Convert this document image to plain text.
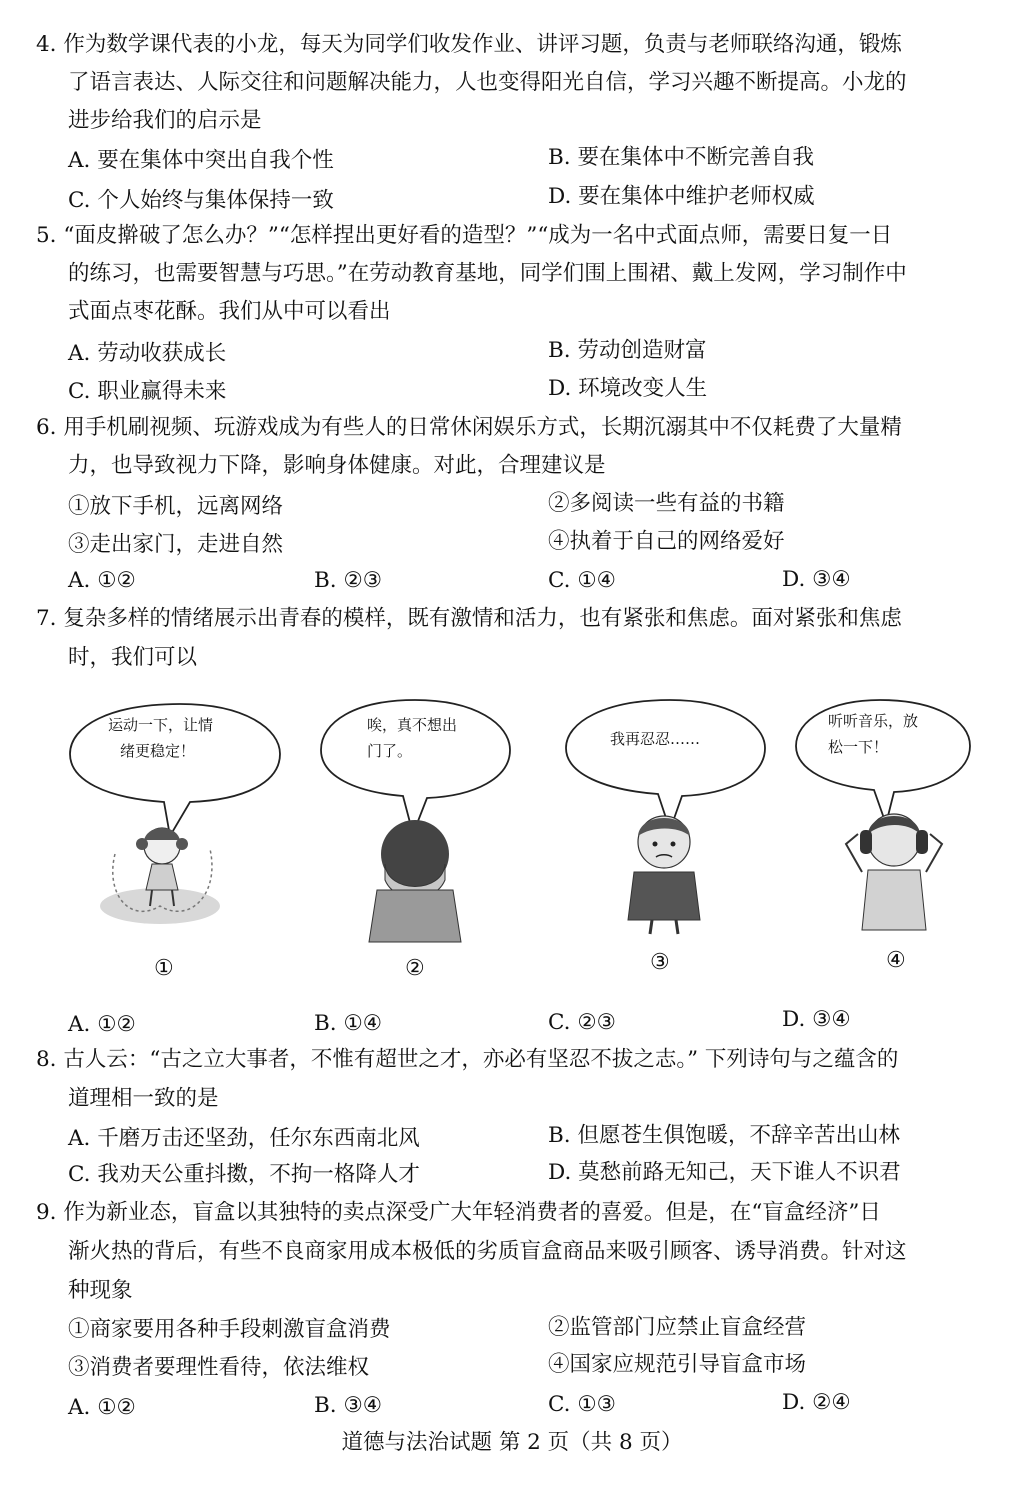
4. 作为数学课代表的小龙，每天为同学们收发作业、讲评习题，负责与老师联络沟通，锻炼
了语言表达、人际交往和问题解决能力，人也变得阳光自信，学习兴趣不断提高。小龙的
进步给我们的启示是
A. 要在集体中突出自我个性	B. 要在集体中不断完善自我
C. 个人始终与集体保持一致	D. 要在集体中维护老师权威
5. “面皮擀破了怎么办？”“怎样捏出更好看的造型？”“成为一名中式面点师，需要日复一日
的练习，也需要智慧与巧思。”在劳动教育基地，同学们围上围裙、戴上发网，学习制作中
式面点枣花酥。我们从中可以看出
A. 劳动收获成长	B. 劳动创造财富
C. 职业赢得未来	D. 环境改变人生
6. 用手机刷视频、玩游戏成为有些人的日常休闲娱乐方式，长期沉溺其中不仅耗费了大量精
力，也导致视力下降，影响身体健康。对此，合理建议是
①放下手机，远离网络	②多阅读一些有益的书籍
③走出家门，走进自然	④执着于自己的网络爱好
A. ①②	B. ②③	C. ①④	D. ③④
7. 复杂多样的情绪展示出青春的模样，既有激情和活力，也有紧张和焦虑。面对紧张和焦虑
时，我们可以
运动一下，让情
绪更稳定！
①
唉，真不想出
门了。
②
我再忍忍……
③
听听音乐，放
松一下！
④
A. ①②	B. ①④	C. ②③	D. ③④
8. 古人云：“古之立大事者，不惟有超世之才，亦必有坚忍不拔之志。” 下列诗句与之蕴含的
道理相一致的是
A. 千磨万击还坚劲，任尔东西南北风	B. 但愿苍生俱饱暖，不辞辛苦出山林
C. 我劝天公重抖擞，不拘一格降人才	D. 莫愁前路无知己，天下谁人不识君
9. 作为新业态，盲盒以其独特的卖点深受广大年轻消费者的喜爱。但是，在“盲盒经济”日
渐火热的背后，有些不良商家用成本极低的劣质盲盒商品来吸引顾客、诱导消费。针对这
种现象
①商家要用各种手段刺激盲盒消费	②监管部门应禁止盲盒经营
③消费者要理性看待，依法维权	④国家应规范引导盲盒市场
A. ①②	B. ③④	C. ①③	D. ②④
道德与法治试题 第 2 页（共 8 页）
